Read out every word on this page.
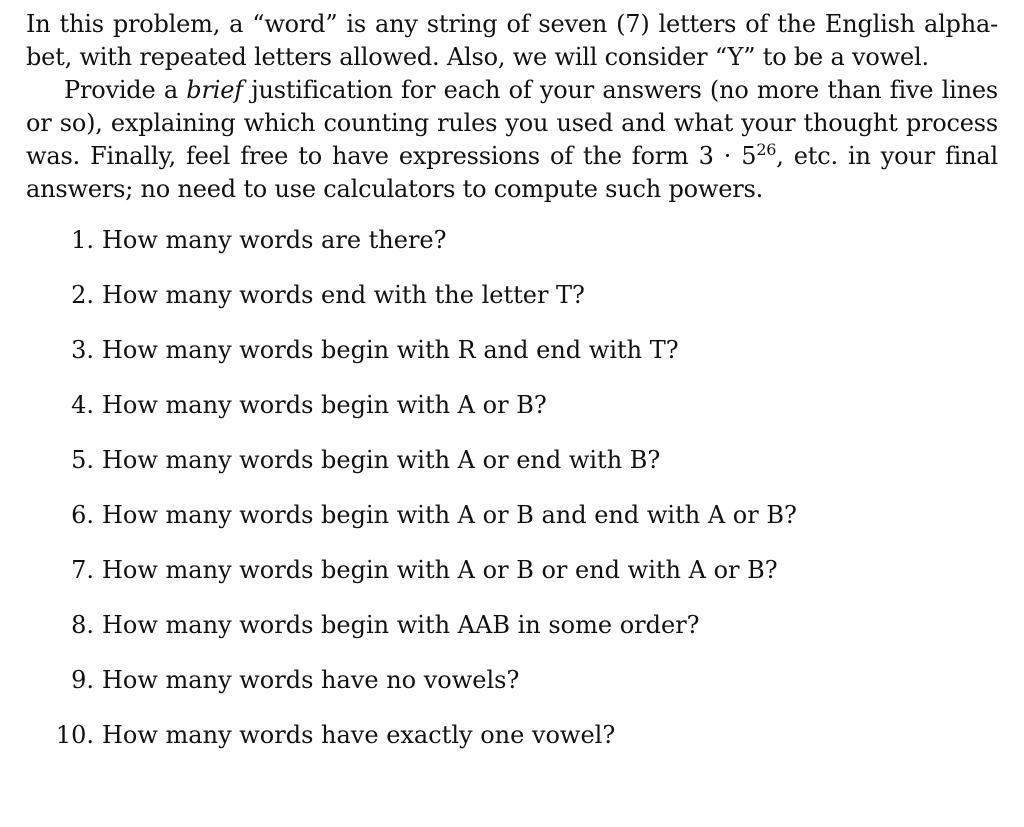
In this problem, a “word” is any string of seven (7) letters of the English alpha-

bet, with repeated letters allowed. Also, we will consider “Y” to be a vowel.

Provide a brief justification for each of your answers (no more than five lines or so), explaining which counting rules you used and what your thought process was. Finally, feel free to have expressions of the form $3 \cdot 5^{26}$, etc. in your final answers; no need to use calculators to compute such powers.

1. How many words are there?
2. How many words end with the letter T?
3. How many words begin with R and end with T?
4. How many words begin with A or B?
5. How many words begin with A or end with B?
6. How many words begin with A or B and end with A or B?
7. How many words begin with A or B or end with A or B?
8. How many words begin with AAB in some order?
9. How many words have no vowels?
10. How many words have exactly one vowel?
